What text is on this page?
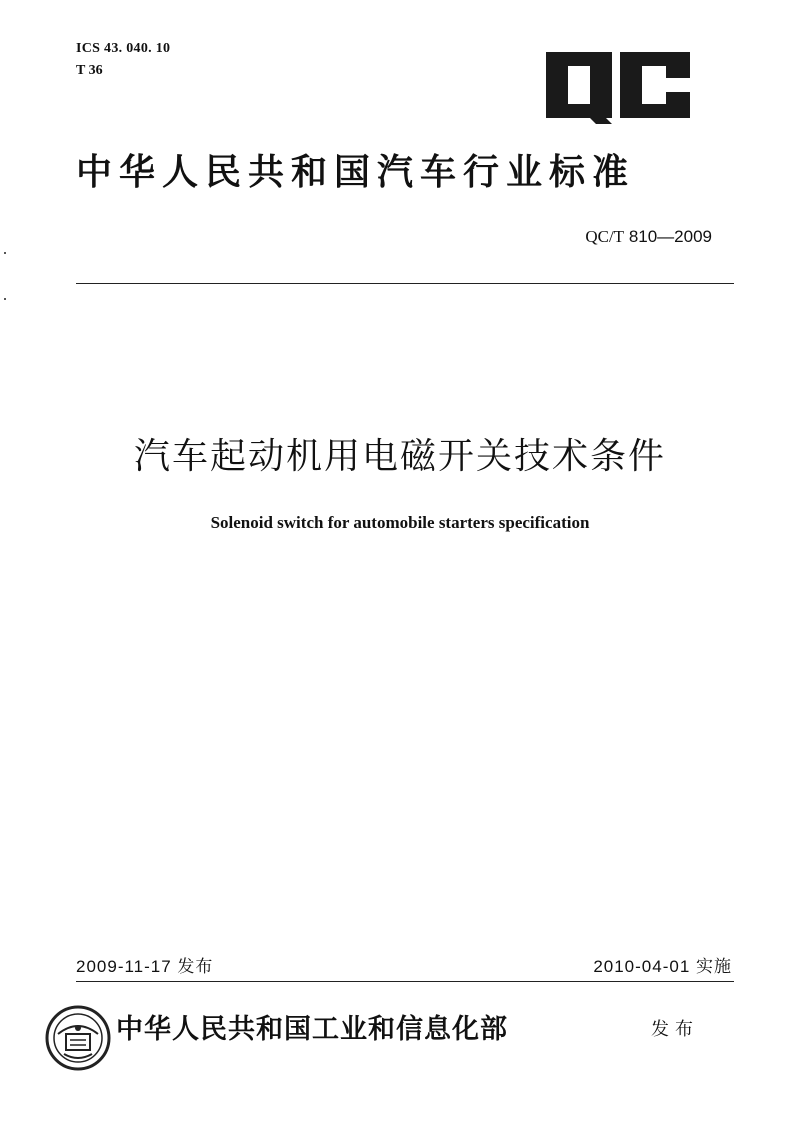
ICS 43. 040. 10
T 36
中华人民共和国汽车行业标准
QC/T 810—2009
汽车起动机用电磁开关技术条件
Solenoid switch for automobile starters specification
2009-11-17 发布	2010-04-01 实施
中华人民共和国工业和信息化部	发布
